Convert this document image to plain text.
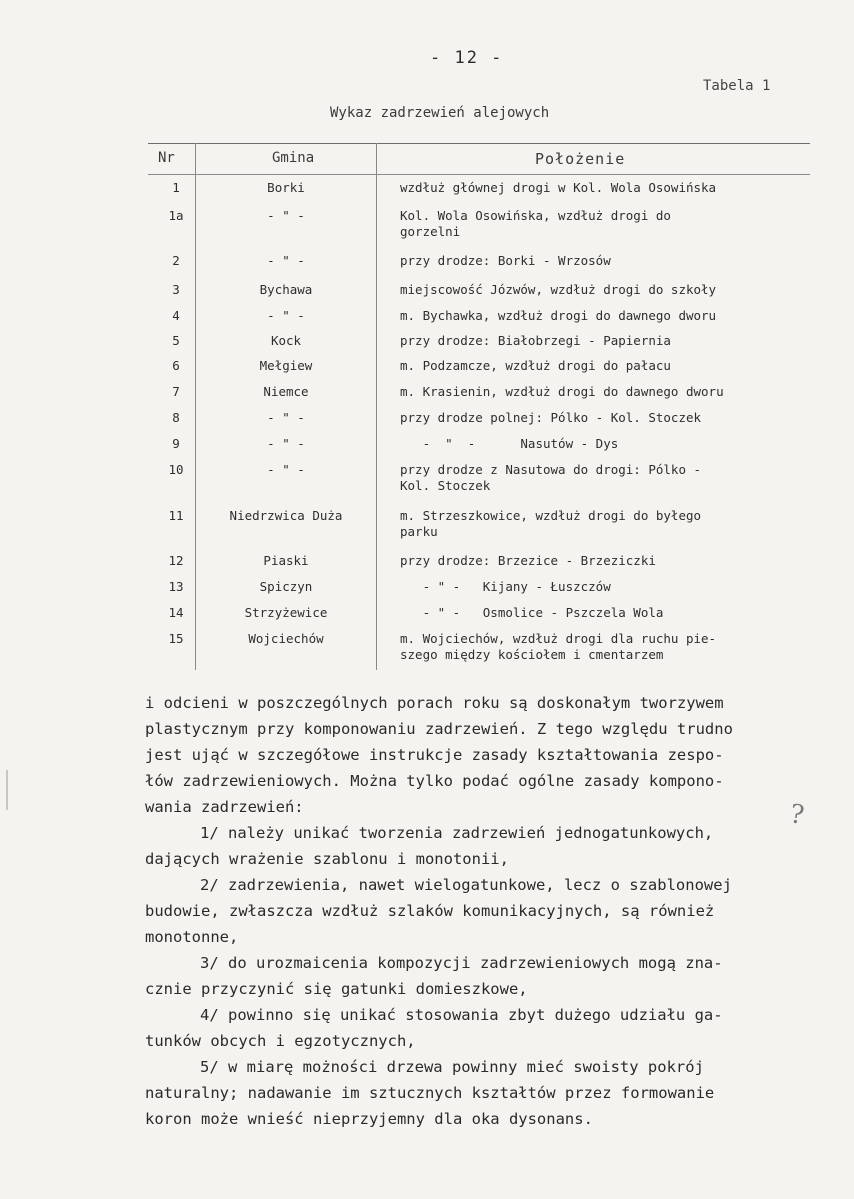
- 12 -
Tabela 1
Wykaz zadrzewień alejowych
Nr	Gmina	Położenie
1	Borki	wzdłuż głównej drogi w Kol. Wola Osowińska
1a	- " -	Kol. Wola Osowińska, wzdłuż drogi do
gorzelni
2	- " -	przy drodze: Borki - Wrzosów
3	Bychawa	miejscowość Józwów, wzdłuż drogi do szkoły
4	- " -	m. Bychawka, wzdłuż drogi do dawnego dworu
5	Kock	przy drodze: Białobrzegi - Papiernia
6	Mełgiew	m. Podzamcze, wzdłuż drogi do pałacu
7	Niemce	m. Krasienin, wzdłuż drogi do dawnego dworu
8	- " -	przy drodze polnej: Pólko - Kol. Stoczek
9	- " -	-  "  -      Nasutów - Dys
10	- " -	przy drodze z Nasutowa do drogi: Pólko -
Kol. Stoczek
11	Niedrzwica Duża	m. Strzeszkowice, wzdłuż drogi do byłego
parku
12	Piaski	przy drodze: Brzezice - Brzeziczki
13	Spiczyn	- " -   Kijany - Łuszczów
14	Strzyżewice	- " -   Osmolice - Pszczela Wola
15	Wojciechów	m. Wojciechów, wzdłuż drogi dla ruchu pie-
szego między kościołem i cmentarzem

i odcieni w poszczególnych porach roku są doskonałym tworzywem

plastycznym przy komponowaniu zadrzewień. Z tego względu trudno

jest ująć w szczegółowe instrukcje zasady kształtowania zespo-

łów zadrzewieniowych. Można tylko podać ogólne zasady kompono-

wania zadrzewień:

1/ należy unikać tworzenia zadrzewień jednogatunkowych,

dających wrażenie szablonu i monotonii,

2/ zadrzewienia, nawet wielogatunkowe, lecz o szablonowej

budowie, zwłaszcza wzdłuż szlaków komunikacyjnych, są również

monotonne,

3/ do urozmaicenia kompozycji zadrzewieniowych mogą zna-

cznie przyczynić się gatunki domieszkowe,

4/ powinno się unikać stosowania zbyt dużego udziału ga-

tunków obcych i egzotycznych,

5/ w miarę możności drzewa powinny mieć swoisty pokrój

naturalny; nadawanie im sztucznych kształtów przez formowanie

koron może wnieść nieprzyjemny dla oka dysonans.

?
